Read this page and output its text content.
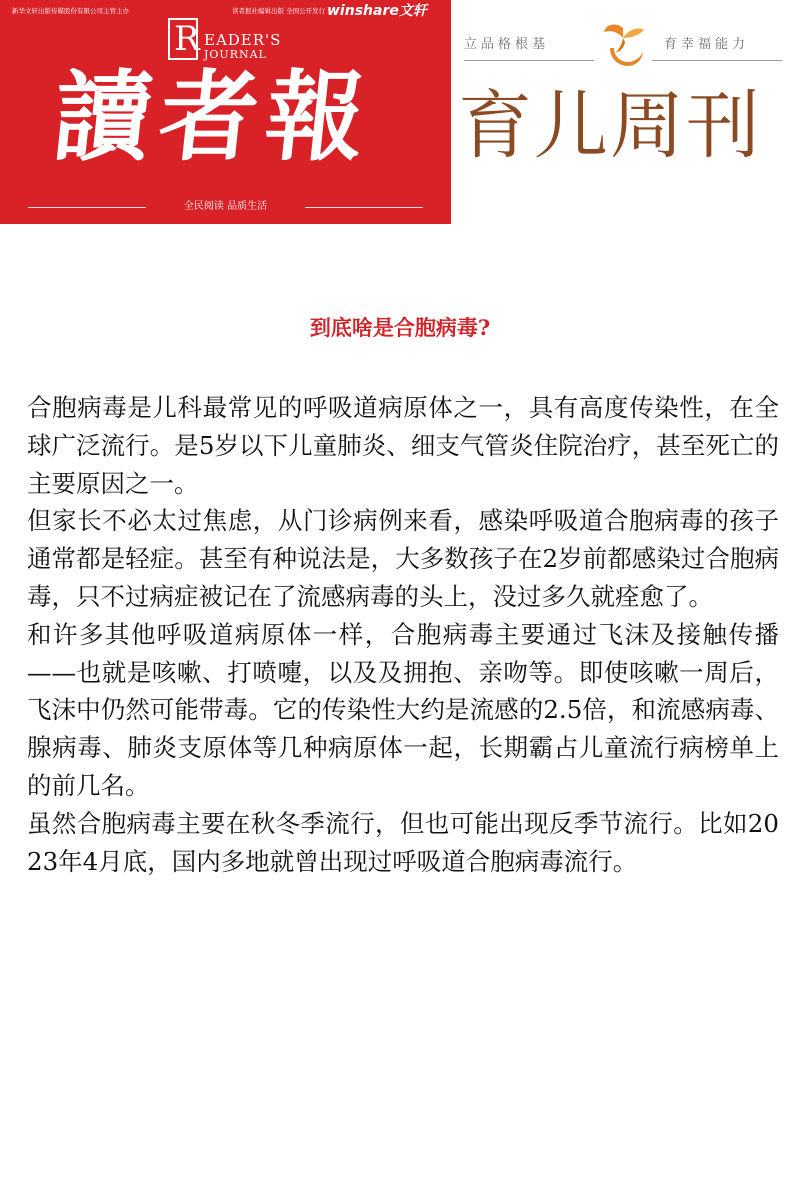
新华文轩出版传媒股份有限公司主管主办	读者报社编辑出版 全国公开发行 winshare文轩
R EADER'S
JOURNAL
讀者報
全民阅读 品质生活
立品格根基	育幸福能力
育儿周刊
到底啥是合胞病毒?

合胞病毒是儿科最常见的呼吸道病原体之一，具有高度传染性，在全球广泛流行。是5岁以下儿童肺炎、细支气管炎住院治疗，甚至死亡的主要原因之一。

但家长不必太过焦虑，从门诊病例来看，感染呼吸道合胞病毒的孩子通常都是轻症。甚至有种说法是，大多数孩子在2岁前都感染过合胞病毒，只不过病症被记在了流感病毒的头上，没过多久就痊愈了。

和许多其他呼吸道病原体一样，合胞病毒主要通过飞沫及接触传播——也就是咳嗽、打喷嚏，以及及拥抱、亲吻等。即使咳嗽一周后，飞沫中仍然可能带毒。它的传染性大约是流感的2.5倍，和流感病毒、腺病毒、肺炎支原体等几种病原体一起，长期霸占儿童流行病榜单上的前几名。

虽然合胞病毒主要在秋冬季流行，但也可能出现反季节流行。比如2023年4月底，国内多地就曾出现过呼吸道合胞病毒流行。
